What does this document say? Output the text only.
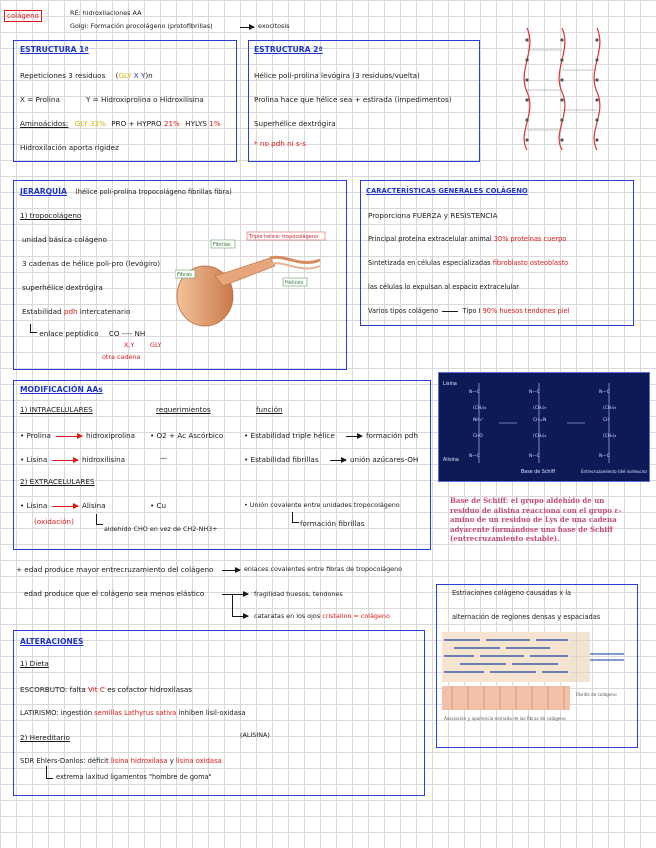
colágeno	RE: hidroxilaciones AA
Golgi: Formación procolágeno (protofibrillas)	exocitosis
ESTRUCTURA 1ª
Repeticiones 3 residuos (GLY X Y)n
X = Prolina	Y = Hidroxiprolina o Hidroxilisina
Aminoácidos: GLY 33% PRO + HYPRO 21% HYLYS 1%
Hidroxilación aporta rigidez
ESTRUCTURA 2ª
Hélice poli-prolina levógira (3 residuos/vuelta)
Prolina hace que hélice sea + estirada (impedimentos)
Superhélice dextrógira
* no pdh ni s-s
JERARQUÍA (hélice poli-prolina tropocolágeno fibrillas fibra)
1) tropocolágeno
unidad básica colágeno
3 cadenas de hélice poli-pro (levógiro)
superhélice dextrógira
Estabilidad pdh intercatenario
enlace peptídico CO ---- NH
X,Y GLY
otra cadena
Fibrilas
Triple hélice: tropocolágeno
Fibras
Hélices
CARACTERÍSTICAS GENERALES COLÁGENO
Proporciona FUERZA y RESISTENCIA
Principal proteína extracelular animal 30% proteínas cuerpo
Sintetizada en células especializadas fibroblasto osteoblasto
las células lo expulsan al espacio extracelular
Varios tipos colágeno	Tipo I 90% huesos tendones piel
MODIFICACIÓN AAs
requerimientos	función
1) INTRACELULARES
• Prolina	hidroxiprolina • O2 + Ac Ascórbico	• Estabilidad triple hélice	formación pdh
• Lisina	hidroxilisina	—	• Estabilidad fibrillas	unión azúcares-OH
2) EXTRACELULARES
• Lisina	Alisina	• Cu	• Unión covalente entre unidades tropocolágeno
(oxidación)
aldehído CHO en vez de CH2-NH3+
formación fibrillas
N—C	N—C	N—C
(CH₂)₄	(CH₂)₃	(CH₂)₃
NH₃⁺	CH=N	CH
CHO	(CH₂)₄	(CH₂)₄
N—C	N—C	N—C
Lisina
Alisina
Base de Schiff	Entrecruzamiento (del norleucina)
Base de Schiff: el grupo aldehído de un residuo de alisina reacciona con el grupo ε-amino de un residuo de Lys de una cadena adyacente formándose una base de Schiff (entrecruzamiento estable).
+ edad produce mayor entrecruzamiento del colágeno	enlaces covalentes entre fibras de tropocolágeno
edad produce que el colágeno sea menos elástico	fragilidad huesos, tendones
cataratas en los ojos cristalino = colágeno
Estriaciones colágeno causadas x la
alternación de regiones densas y espaciadas
Asociación y apariencia estriada de las fibras de colágeno
Fibrilla de colágeno
ALTERACIONES
1) Dieta
ESCORBUTO: falta Vit C es cofactor hidroxilasas
LATIRISMO: ingestión semillas Lathyrus sativa inhiben lisil-oxidasa
(ALISINA)
2) Hereditario
SDR Ehlers-Danlos: déficit lisina hidroxilasa y lisina oxidasa
extrema laxitud ligamentos "hombre de goma"
